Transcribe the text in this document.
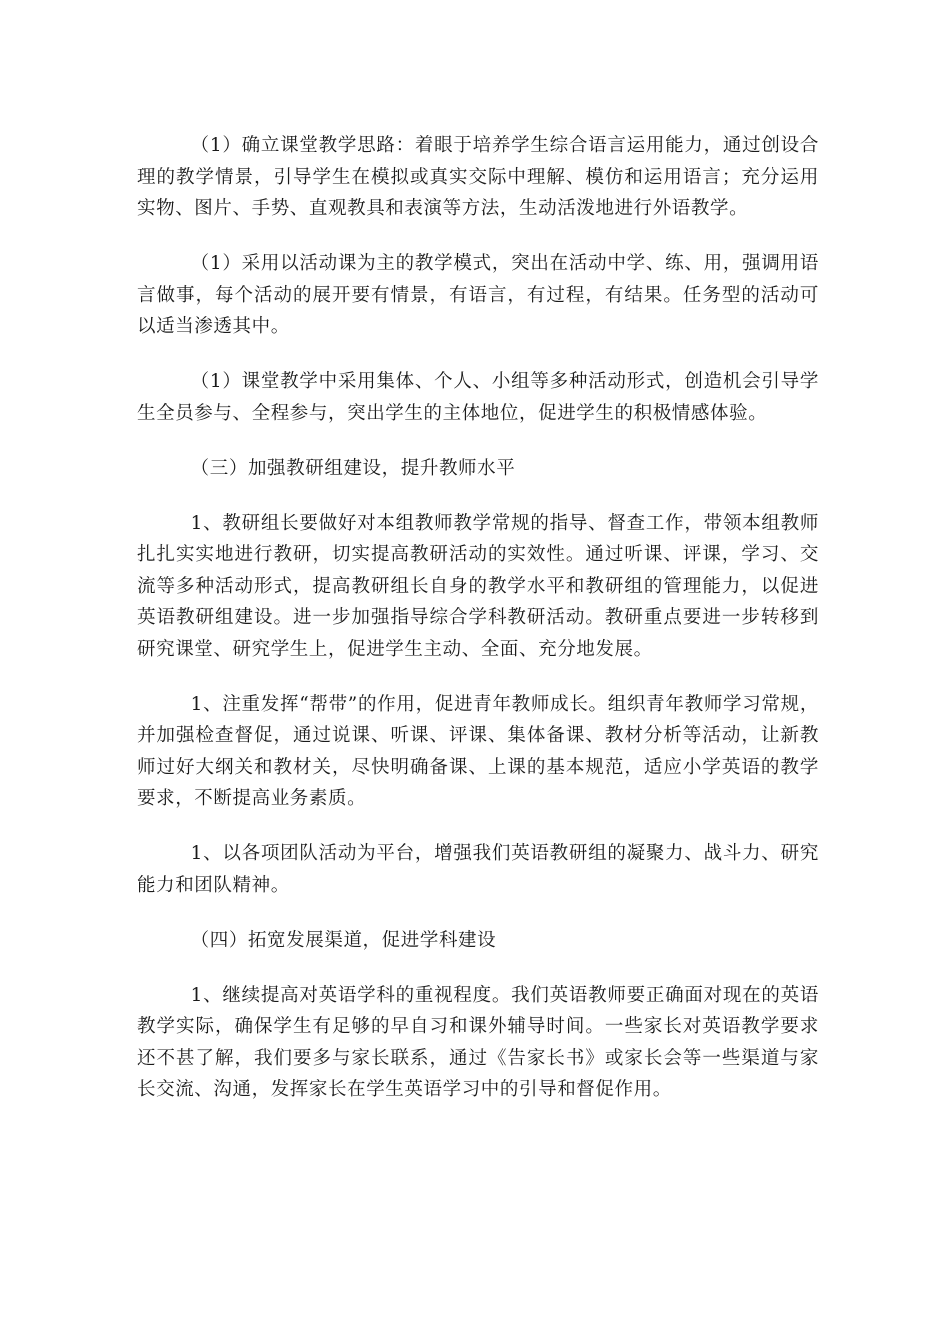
（1）确立课堂教学思路：着眼于培养学生综合语言运用能力，通过创设合理的教学情景，引导学生在模拟或真实交际中理解、模仿和运用语言；充分运用实物、图片、手势、直观教具和表演等方法，生动活泼地进行外语教学。

（1）采用以活动课为主的教学模式，突出在活动中学、练、用，强调用语言做事，每个活动的展开要有情景，有语言，有过程，有结果。任务型的活动可以适当渗透其中。

（1）课堂教学中采用集体、个人、小组等多种活动形式，创造机会引导学生全员参与、全程参与，突出学生的主体地位，促进学生的积极情感体验。

（三）加强教研组建设，提升教师水平

1、教研组长要做好对本组教师教学常规的指导、督查工作，带领本组教师扎扎实实地进行教研，切实提高教研活动的实效性。通过听课、评课，学习、交流等多种活动形式，提高教研组长自身的教学水平和教研组的管理能力，以促进英语教研组建设。进一步加强指导综合学科教研活动。教研重点要进一步转移到研究课堂、研究学生上，促进学生主动、全面、充分地发展。

1、注重发挥“帮带”的作用，促进青年教师成长。组织青年教师学习常规，并加强检查督促，通过说课、听课、评课、集体备课、教材分析等活动，让新教师过好大纲关和教材关，尽快明确备课、上课的基本规范，适应小学英语的教学要求，不断提高业务素质。

1、以各项团队活动为平台，增强我们英语教研组的凝聚力、战斗力、研究能力和团队精神。

（四）拓宽发展渠道，促进学科建设

1、继续提高对英语学科的重视程度。我们英语教师要正确面对现在的英语教学实际，确保学生有足够的早自习和课外辅导时间。一些家长对英语教学要求还不甚了解，我们要多与家长联系，通过《告家长书》或家长会等一些渠道与家长交流、沟通，发挥家长在学生英语学习中的引导和督促作用。
